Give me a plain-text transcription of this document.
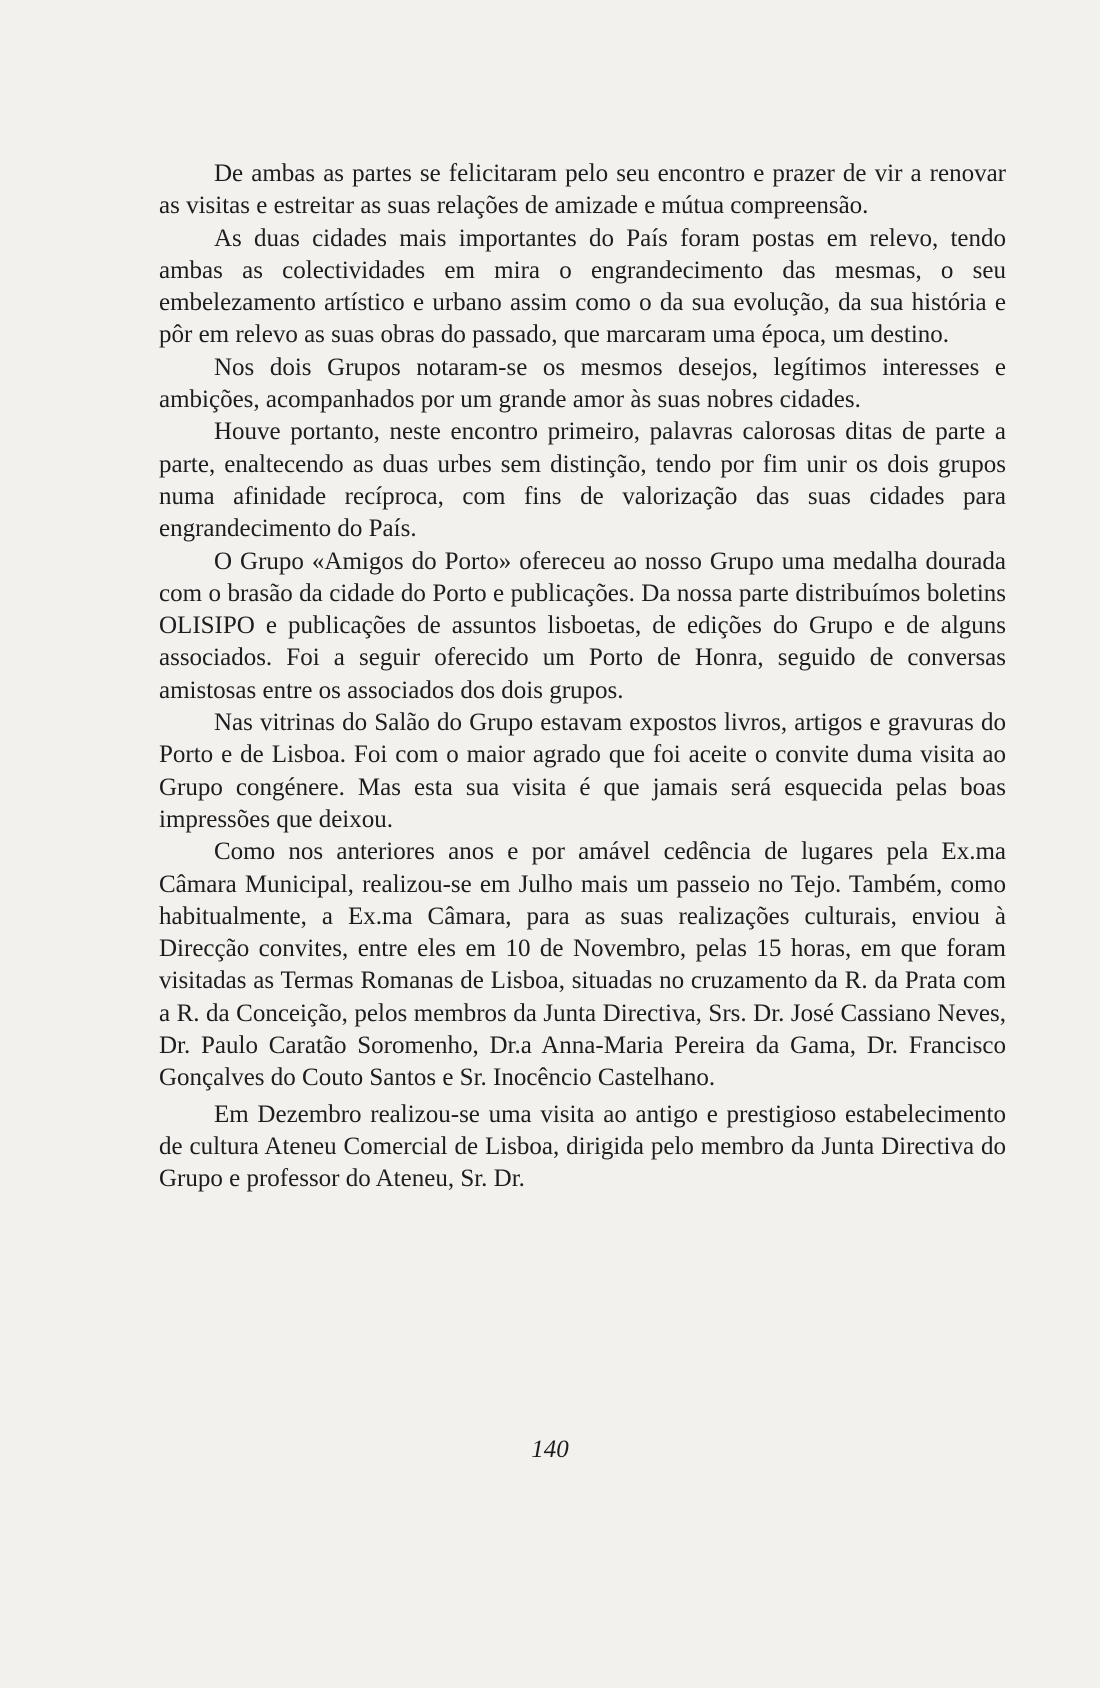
De ambas as partes se felicitaram pelo seu encontro e prazer de vir a renovar as visitas e estreitar as suas relações de amizade e mútua compreensão.

As duas cidades mais importantes do País foram postas em relevo, tendo ambas as colectividades em mira o engrandecimento das mesmas, o seu embelezamento artístico e urbano assim como o da sua evolução, da sua história e pôr em relevo as suas obras do passado, que marcaram uma época, um destino.

Nos dois Grupos notaram-se os mesmos desejos, legítimos interesses e ambições, acompanhados por um grande amor às suas nobres cidades.

Houve portanto, neste encontro primeiro, palavras calorosas ditas de parte a parte, enaltecendo as duas urbes sem distinção, tendo por fim unir os dois grupos numa afinidade recíproca, com fins de valorização das suas cidades para engrandecimento do País.

O Grupo «Amigos do Porto» ofereceu ao nosso Grupo uma medalha dourada com o brasão da cidade do Porto e publicações. Da nossa parte distribuímos boletins OLISIPO e publicações de assuntos lisboetas, de edições do Grupo e de alguns associados. Foi a seguir oferecido um Porto de Honra, seguido de conversas amistosas entre os associados dos dois grupos.

Nas vitrinas do Salão do Grupo estavam expostos livros, artigos e gravuras do Porto e de Lisboa. Foi com o maior agrado que foi aceite o convite duma visita ao Grupo congénere. Mas esta sua visita é que jamais será esquecida pelas boas impressões que deixou.

Como nos anteriores anos e por amável cedência de lugares pela Ex.ma Câmara Municipal, realizou-se em Julho mais um passeio no Tejo. Também, como habitualmente, a Ex.ma Câmara, para as suas realizações culturais, enviou à Direcção convites, entre eles em 10 de Novembro, pelas 15 horas, em que foram visitadas as Termas Romanas de Lisboa, situadas no cruzamento da R. da Prata com a R. da Conceição, pelos membros da Junta Directiva, Srs. Dr. José Cassiano Neves, Dr. Paulo Caratão Soromenho, Dr.a Anna-Maria Pereira da Gama, Dr. Francisco Gonçalves do Couto Santos e Sr. Inocêncio Castelhano.

Em Dezembro realizou-se uma visita ao antigo e prestigioso estabelecimento de cultura Ateneu Comercial de Lisboa, dirigida pelo membro da Junta Directiva do Grupo e professor do Ateneu, Sr. Dr.

140
